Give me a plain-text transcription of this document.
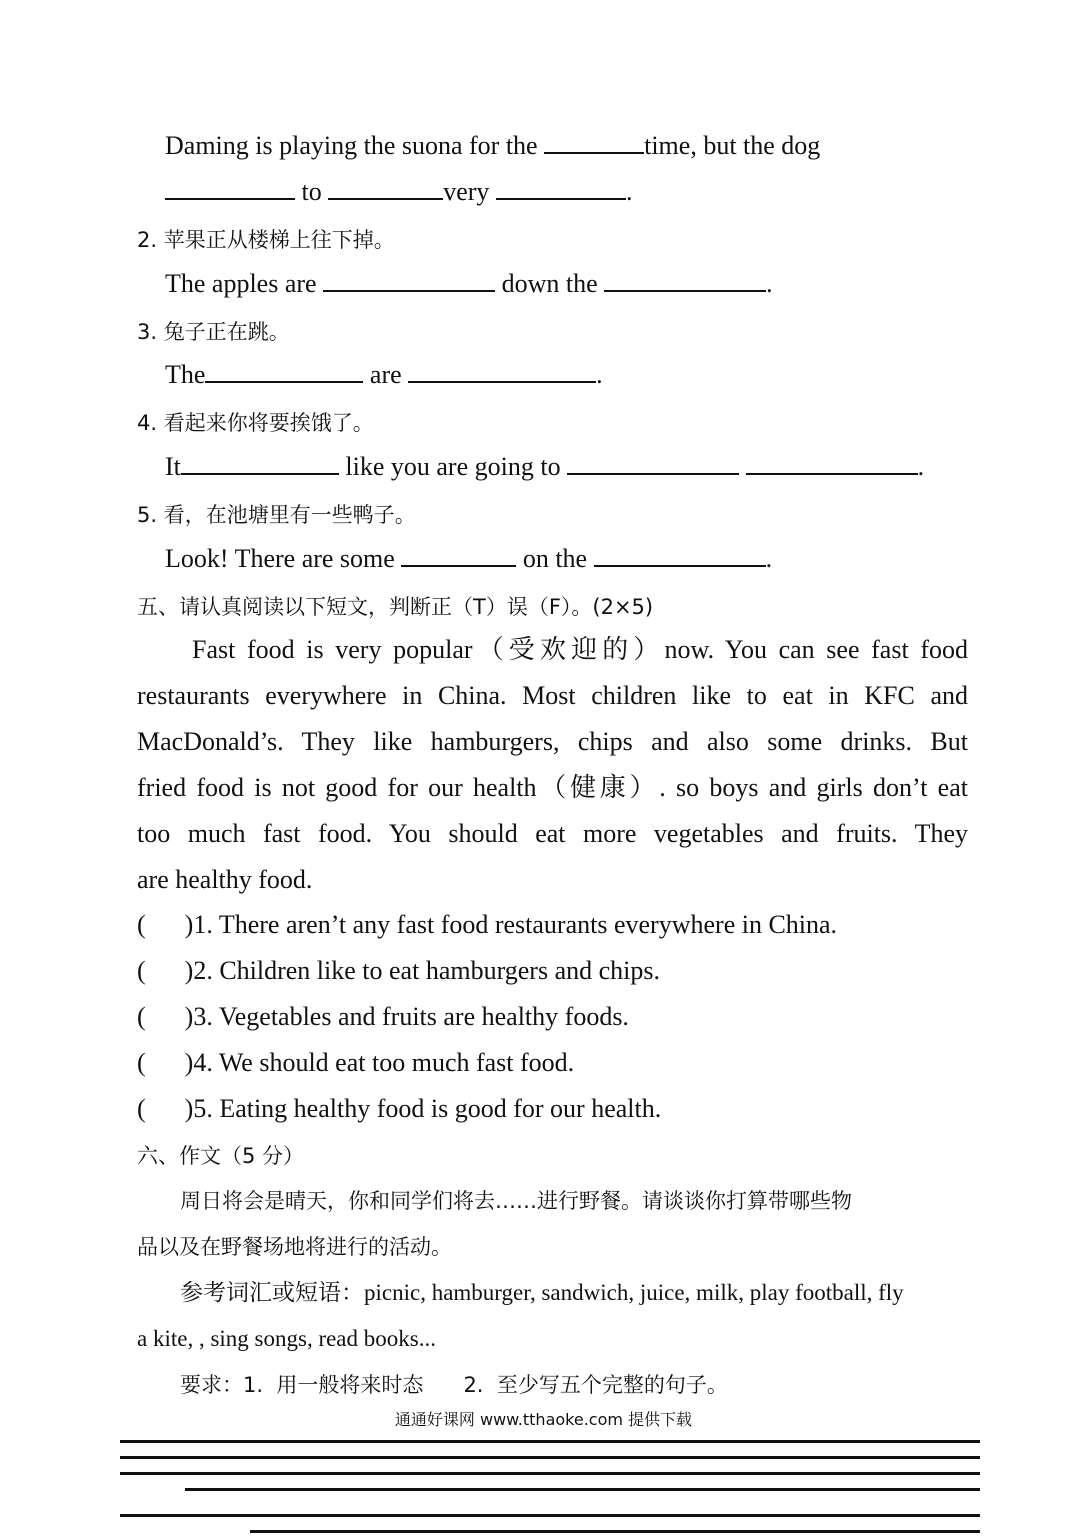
Daming is playing the suona for the	time, but the dog
to	very	.
2. 苹果正从楼梯上往下掉。
The apples are	down the	.
3. 兔子正在跳。
The	are	.
4. 看起来你将要挨饿了。
It	like you are going to	.
5. 看，在池塘里有一些鸭子。
Look! There are some	on the	.
五、请认真阅读以下短文，判断正（T）误（F）。(2×5)
Fast food is very popular（受欢迎的）now. You can see fast food
restaurants everywhere in China. Most children like to eat in KFC and
MacDonald’s. They like hamburgers, chips and also some drinks. But
fried food is not good for our health（健康）. so boys and girls don’t eat
too much fast food. You should eat more vegetables and fruits. They
are healthy food.
(      )1. There aren’t any fast food restaurants everywhere in China.
(      )2. Children like to eat hamburgers and chips.
(      )3. Vegetables and fruits are healthy foods.
(      )4. We should eat too much fast food.
(      )5. Eating healthy food is good for our health.
六、作文（5 分）
周日将会是晴天，你和同学们将去……进行野餐。请谈谈你打算带哪些物
品以及在野餐场地将进行的活动。
参考词汇或短语：picnic, hamburger, sandwich, juice, milk, play football, fly
a kite, , sing songs, read books...
要求：1.  用一般将来时态      2.  至少写五个完整的句子。
通通好课网 www.tthaoke.com 提供下载
